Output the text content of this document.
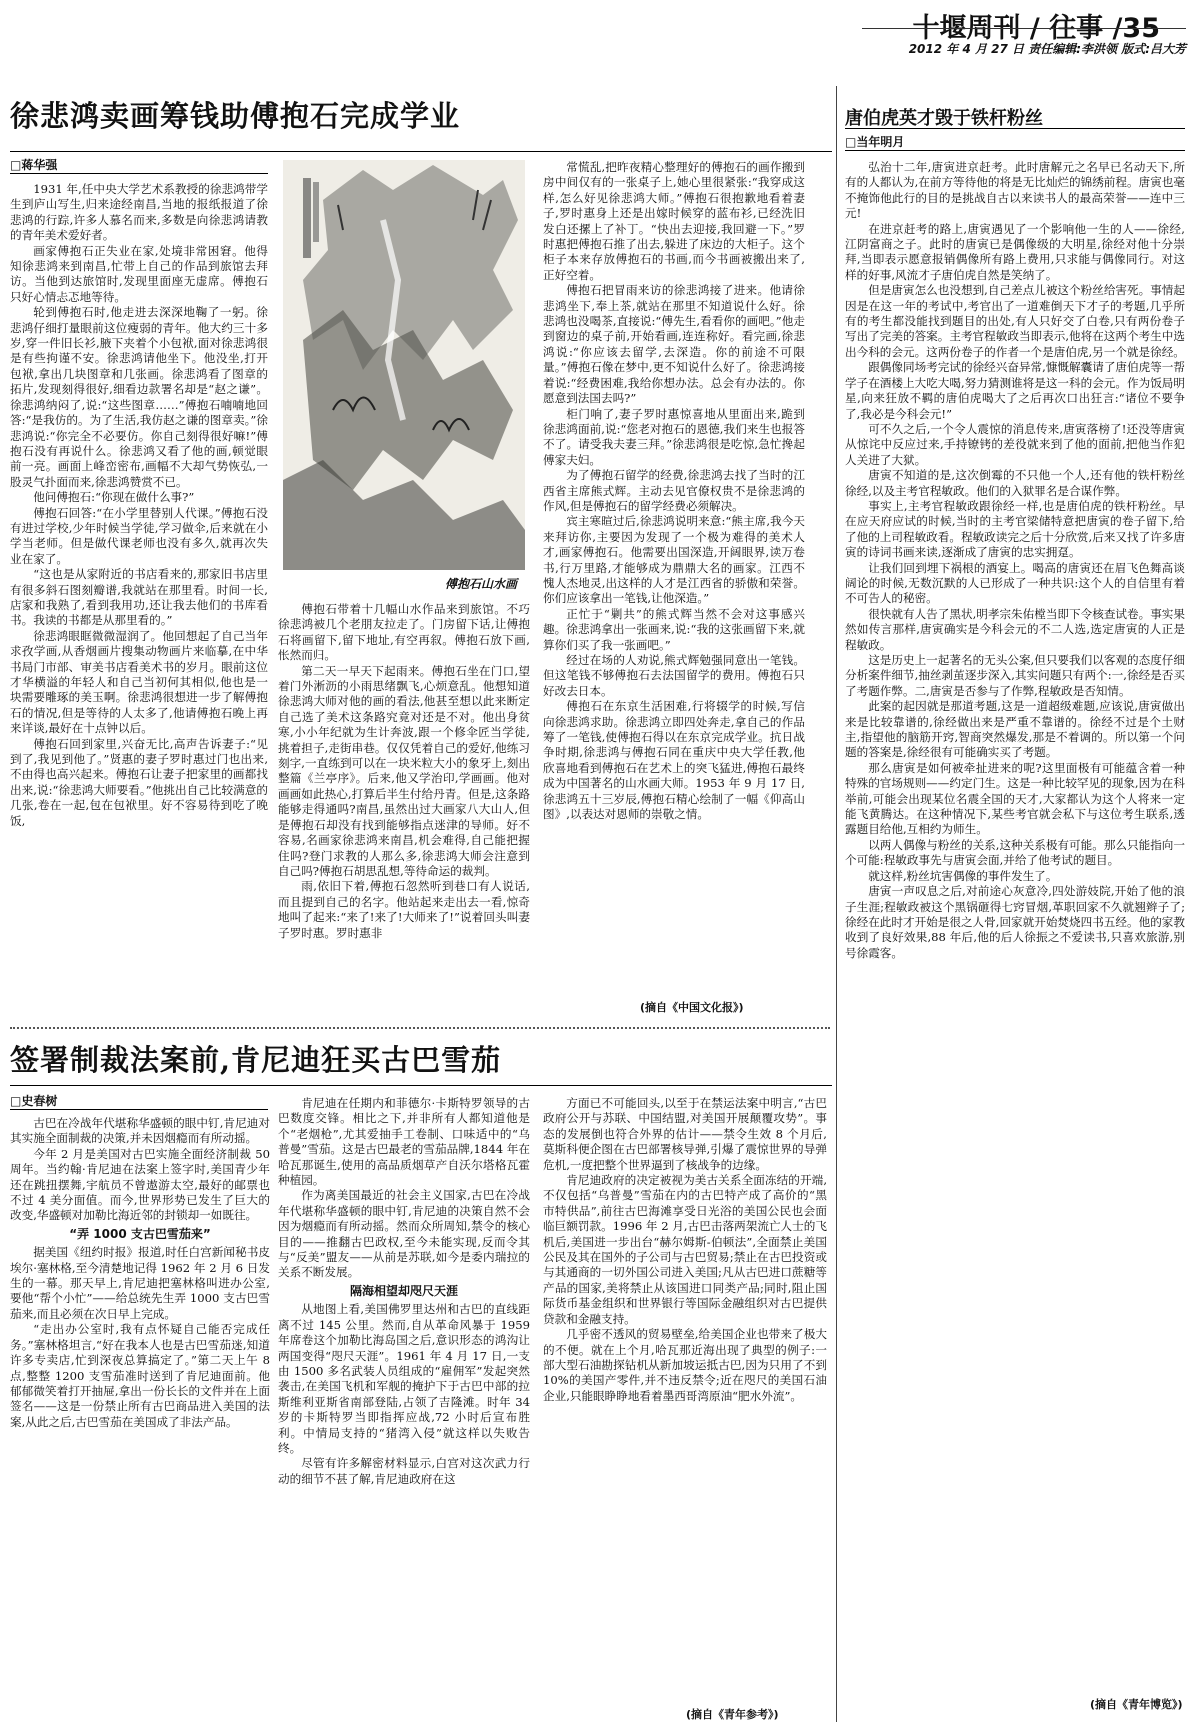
十堰周刊 / 往事 /35
2012 年 4 月 27 日 责任编辑:李洪领 版式:吕大芳
徐悲鸿卖画筹钱助傅抱石完成学业
□蒋华强

1931 年,任中央大学艺术系教授的徐悲鸿带学生到庐山写生,归来途经南昌,当地的报纸报道了徐悲鸿的行踪,许多人慕名而来,多数是向徐悲鸿请教的青年美术爱好者。

画家傅抱石正失业在家,处境非常困窘。他得知徐悲鸿来到南昌,忙带上自己的作品到旅馆去拜访。当他到达旅馆时,发现里面座无虚席。傅抱石只好心情忐忑地等待。

轮到傅抱石时,他走进去深深地鞠了一躬。徐悲鸿仔细打量眼前这位瘦弱的青年。他大约三十多岁,穿一件旧长衫,腋下夹着个小包袱,面对徐悲鸿很是有些拘谨不安。徐悲鸿请他坐下。他没坐,打开包袱,拿出几块图章和几张画。徐悲鸿看了图章的拓片,发现刻得很好,细看边款署名却是“赵之谦”。徐悲鸿纳闷了,说:“这些图章……”傅抱石喃喃地回答:“是我仿的。为了生活,我仿赵之谦的图章卖。”徐悲鸿说:“你完全不必要仿。你自己刻得很好嘛!”傅抱石没有再说什么。徐悲鸿又看了他的画,顿觉眼前一亮。画面上峰峦密布,画幅不大却气势恢弘,一股灵气扑面而来,徐悲鸿赞赏不已。

他问傅抱石:“你现在做什么事?”

傅抱石回答:“在小学里替别人代课。”傅抱石没有进过学校,少年时候当学徒,学习做伞,后来就在小学当老师。但是做代课老师也没有多久,就再次失业在家了。

“这也是从家附近的书店看来的,那家旧书店里有很多斜石图刻瓣谱,我就站在那里看。时间一长,店家和我熟了,看到我用功,还让我去他们的书库看书。我读的书都是从那里看的。”

徐悲鸿眼眶微微湿润了。他回想起了自己当年求孜学画,从香烟画片搜集动物画片来临摹,在中华书局门市部、审美书店看美术书的岁月。眼前这位才华横溢的年轻人和自己当初何其相似,他也是一块需要雕琢的美玉啊。徐悲鸿很想进一步了解傅抱石的情况,但是等待的人太多了,他请傅抱石晚上再来详谈,最好在十点钟以后。

傅抱石回到家里,兴奋无比,高声告诉妻子:“见到了,我见到他了。”贤惠的妻子罗时惠过门也出来,不由得也高兴起来。傅抱石让妻子把家里的画都找出来,说:“徐悲鸿大师要看。”他挑出自己比较满意的几张,卷在一起,包在包袱里。好不容易待到吃了晚饭,

傅抱石山水画

傅抱石带着十几幅山水作品来到旅馆。不巧徐悲鸿被几个老朋友拉走了。门房留下话,让傅抱石将画留下,留下地址,有空再叙。傅抱石放下画,怅然而归。

第二天一早天下起雨来。傅抱石坐在门口,望着门外淅沥的小雨思绪飘飞,心烦意乱。他想知道徐悲鸿大师对他的画的看法,他甚至想以此来断定自己选了美术这条路究竟对还是不对。他出身贫寒,小小年纪就为生计奔波,跟一个修伞匠当学徒,挑着担子,走街串巷。仅仅凭着自己的爱好,他练习刻字,一直练到可以在一块米粒大小的象牙上,刻出整篇《兰亭序》。后来,他又学治印,学画画。他对画画如此热心,打算后半生付给丹青。但是,这条路能够走得通吗?南昌,虽然出过大画家八大山人,但是傅抱石却没有找到能够指点迷津的导师。好不容易,名画家徐悲鸿来南昌,机会难得,自己能把握住吗?登门求教的人那么多,徐悲鸿大师会注意到自己吗?傅抱石胡思乱想,等待命运的裁判。

雨,依旧下着,傅抱石忽然听到巷口有人说话,而且提到自己的名字。他站起来走出去一看,惊奇地叫了起来:“来了!来了!大师来了!”说着回头叫妻子罗时惠。罗时惠非

常慌乱,把昨夜精心整理好的傅抱石的画作搬到房中间仅有的一张桌子上,她心里很紧张:“我穿成这样,怎么好见徐悲鸿大师。”傅抱石很抱歉地看着妻子,罗时惠身上还是出嫁时候穿的蓝布衫,已经洗旧发白还摞上了补丁。“快出去迎接,我回避一下。”罗时惠把傅抱石推了出去,躲进了床边的大柜子。这个柜子本来存放傅抱石的书画,而今书画被搬出来了,正好空着。

傅抱石把冒雨来访的徐悲鸿接了进来。他请徐悲鸿坐下,奉上茶,就站在那里不知道说什么好。徐悲鸿也没喝茶,直接说:“傅先生,看看你的画吧。”他走到窗边的桌子前,开始看画,连连称好。看完画,徐悲鸿说:“你应该去留学,去深造。你的前途不可限量。”傅抱石像在梦中,更不知说什么好了。徐悲鸿接着说:“经费困难,我给你想办法。总会有办法的。你愿意到法国去吗?”

柜门响了,妻子罗时惠惊喜地从里面出来,跪到徐悲鸿面前,说:“您老对抱石的恩德,我们来生也报答不了。请受我夫妻三拜。”徐悲鸿很是吃惊,急忙搀起傅家夫妇。

为了傅抱石留学的经费,徐悲鸿去找了当时的江西省主席熊式辉。主动去见官僚权贵不是徐悲鸿的作风,但是傅抱石的留学经费必须解决。

宾主寒暄过后,徐悲鸿说明来意:“熊主席,我今天来拜访你,主要因为发现了一个极为难得的美术人才,画家傅抱石。他需要出国深造,开阔眼界,读万卷书,行万里路,才能够成为鼎鼎大名的画家。江西不愧人杰地灵,出这样的人才是江西省的骄傲和荣誉。你们应该拿出一笔钱,让他深造。”

正忙于“剿共”的熊式辉当然不会对这事感兴趣。徐悲鸿拿出一张画来,说:“我的这张画留下来,就算你们买了我一张画吧。”

经过在场的人劝说,熊式辉勉强同意出一笔钱。但这笔钱不够傅抱石去法国留学的费用。傅抱石只好改去日本。

傅抱石在东京生活困难,行将辍学的时候,写信向徐悲鸿求助。徐悲鸿立即四处奔走,拿自己的作品筹了一笔钱,使傅抱石得以在东京完成学业。抗日战争时期,徐悲鸿与傅抱石同在重庆中央大学任教,他欣喜地看到傅抱石在艺术上的突飞猛进,傅抱石最终成为中国著名的山水画大师。1953 年 9 月 17 日,徐悲鸿五十三岁辰,傅抱石精心绘制了一幅《仰高山图》,以表达对恩师的崇敬之情。

(摘自《中国文化报》)
唐伯虎英才毁于铁杆粉丝
□当年明月

弘治十二年,唐寅进京赶考。此时唐解元之名早已名动天下,所有的人都认为,在前方等待他的将是无比灿烂的锦绣前程。唐寅也毫不掩饰他此行的目的是挑战自古以来读书人的最高荣誉——连中三元!

在进京赶考的路上,唐寅遇见了一个影响他一生的人——徐经,江阴富商之子。此时的唐寅已是偶像级的大明星,徐经对他十分崇拜,当即表示愿意报销偶像所有路上费用,只求能与偶像同行。对这样的好事,风流才子唐伯虎自然是笑纳了。

但是唐寅怎么也没想到,自己差点儿被这个粉丝给害死。事情起因是在这一年的考试中,考官出了一道难倒天下才子的考题,几乎所有的考生都没能找到题目的出处,有人只好交了白卷,只有两份卷子写出了完美的答案。主考官程敏政当即表示,他将在这两个考生中选出今科的会元。这两份卷子的作者一个是唐伯虎,另一个就是徐经。

跟偶像同场考完试的徐经兴奋异常,慷慨解囊请了唐伯虎等一帮学子在酒楼上大吃大喝,努力猜测谁将是这一科的会元。作为饭局明星,向来狂放不羁的唐伯虎喝大了之后再次口出狂言:“诸位不要争了,我必是今科会元!”

可不久之后,一个令人震惊的消息传来,唐寅落榜了!还没等唐寅从惊诧中反应过来,手持镣铐的差役就来到了他的面前,把他当作犯人关进了大狱。

唐寅不知道的是,这次倒霉的不只他一个人,还有他的铁杆粉丝徐经,以及主考官程敏政。他们的入狱罪名是合谋作弊。

事实上,主考官程敏政跟徐经一样,也是唐伯虎的铁杆粉丝。早在应天府应试的时候,当时的主考官梁储特意把唐寅的卷子留下,给了他的上司程敏政看。程敏政读完之后十分欣赏,后来又找了许多唐寅的诗词书画来读,逐渐成了唐寅的忠实拥趸。

让我们回到埋下祸根的酒宴上。喝高的唐寅还在眉飞色舞高谈阔论的时候,无数沉默的人已形成了一种共识:这个人的自信里有着不可告人的秘密。

很快就有人告了黑状,明孝宗朱佑樘当即下令核查试卷。事实果然如传言那样,唐寅确实是今科会元的不二人选,选定唐寅的人正是程敏政。

这是历史上一起著名的无头公案,但只要我们以客观的态度仔细分析案件细节,抽丝剥茧逐步深入,其实问题只有两个:一,徐经是否买了考题作弊。二,唐寅是否参与了作弊,程敏政是否知情。

此案的起因就是那道考题,这是一道超级难题,应该说,唐寅做出来是比较靠谱的,徐经做出来是严重不靠谱的。徐经不过是个土财主,指望他的脑筋开窍,智商突然爆发,那是不着调的。所以第一个问题的答案是,徐经很有可能确实买了考题。

那么唐寅是如何被牵扯进来的呢?这里面极有可能蕴含着一种特殊的官场规则——约定门生。这是一种比较罕见的现象,因为在科举前,可能会出现某位名震全国的天才,大家都认为这个人将来一定能飞黄腾达。在这种情况下,某些考官就会私下与这位考生联系,透露题目给他,互相约为师生。

以两人偶像与粉丝的关系,这种关系极有可能。那么只能指向一个可能:程敏政事先与唐寅会面,并给了他考试的题目。

就这样,粉丝坑害偶像的事件发生了。

唐寅一声叹息之后,对前途心灰意冷,四处游妓院,开始了他的浪子生涯;程敏政被这个黑锅砸得七窍冒烟,革职回家不久就翘辫子了;徐经在此时才开始是很之人骨,回家就开始焚烧四书五经。他的家教收到了良好效果,88 年后,他的后人徐振之不爱读书,只喜欢旅游,别号徐霞客。

(摘自《青年博览》)
签署制裁法案前,肯尼迪狂买古巴雪茄
□史春树

古巴在冷战年代堪称华盛顿的眼中钉,肯尼迪对其实施全面制裁的决策,并未因烟瘾而有所动摇。

今年 2 月是美国对古巴实施全面经济制裁 50 周年。当约翰·肯尼迪在法案上签字时,美国青少年还在跳扭摆舞,宇航员不曾遨游太空,最好的邮票也不过 4 美分面值。而今,世界形势已发生了巨大的改变,华盛顿对加勒比海近邻的封锁却一如既往。

“弄 1000 支古巴雪茄来”

据美国《纽约时报》报道,时任白宫新闻秘书皮埃尔·塞林格,至今清楚地记得 1962 年 2 月 6 日发生的一幕。那天早上,肯尼迪把塞林格叫进办公室,要他“帮个小忙”——给总统先生弄 1000 支古巴雪茄来,而且必须在次日早上完成。

“走出办公室时,我有点怀疑自己能否完成任务。”塞林格坦言,“好在我本人也是古巴雪茄迷,知道许多专卖店,忙到深夜总算搞定了。”第二天上午 8 点,整整 1200 支雪茄准时送到了肯尼迪面前。他郁郁微笑着打开抽屉,拿出一份长长的文件并在上面签名——这是一份禁止所有古巴商品进入美国的法案,从此之后,古巴雪茄在美国成了非法产品。

肯尼迪在任期内和菲德尔·卡斯特罗领导的古巴数度交锋。相比之下,并非所有人都知道他是个“老烟枪”,尤其爱抽手工卷制、口味适中的“乌普曼”雪茄。这是古巴最老的雪茄品牌,1844 年在哈瓦那诞生,使用的高品质烟草产自沃尔塔格瓦霍种植园。

作为离美国最近的社会主义国家,古巴在冷战年代堪称华盛顿的眼中钉,肯尼迪的决策自然不会因为烟瘾而有所动摇。然而众所周知,禁令的核心目的——推翻古巴政权,至今未能实现,反而令其与“反美”盟友——从前是苏联,如今是委内瑞拉的关系不断发展。

隔海相望却咫尺天涯

从地图上看,美国佛罗里达州和古巴的直线距离不过 145 公里。然而,自从革命风暴于 1959 年席卷这个加勒比海岛国之后,意识形态的鸿沟让两国变得“咫尺天涯”。1961 年 4 月 17 日,一支由 1500 多名武装人员组成的“雇佣军”发起突然袭击,在美国飞机和军舰的掩护下于古巴中部的拉斯维利亚斯省南部登陆,占领了吉隆滩。时年 34 岁的卡斯特罗当即指挥应战,72 小时后宣布胜利。中情局支持的“猪湾入侵”就这样以失败告终。

尽管有许多解密材料显示,白宫对这次武力行动的细节不甚了解,肯尼迪政府在这

方面已不可能回头,以至于在禁运法案中明言,“古巴政府公开与苏联、中国结盟,对美国开展颠覆攻势”。事态的发展倒也符合外界的估计——禁令生效 8 个月后,莫斯科便企图在古巴部署核导弹,引爆了震惊世界的导弹危机,一度把整个世界逼到了核战争的边缘。

肯尼迪政府的决定被视为美古关系全面冻结的开端,不仅包括“乌普曼”雪茄在内的古巴特产成了高价的“黑市特供品”,前往古巴海滩享受日光浴的美国公民也会面临巨额罚款。1996 年 2 月,古巴击落两架流亡人士的飞机后,美国进一步出台“赫尔姆斯-伯顿法”,全面禁止美国公民及其在国外的子公司与古巴贸易;禁止在古巴投资或与其通商的一切外国公司进入美国;凡从古巴进口蔗糖等产品的国家,美将禁止从该国进口同类产品;同时,阻止国际货币基金组织和世界银行等国际金融组织对古巴提供贷款和金融支持。

几乎密不透风的贸易壁垒,给美国企业也带来了极大的不便。就在上个月,哈瓦那近海出现了典型的例子:一部大型石油勘探钻机从新加坡运抵古巴,因为只用了不到 10%的美国产零件,并不违反禁令;近在咫尺的美国石油企业,只能眼睁睁地看着墨西哥湾原油“肥水外流”。

(摘自《青年参考》)
